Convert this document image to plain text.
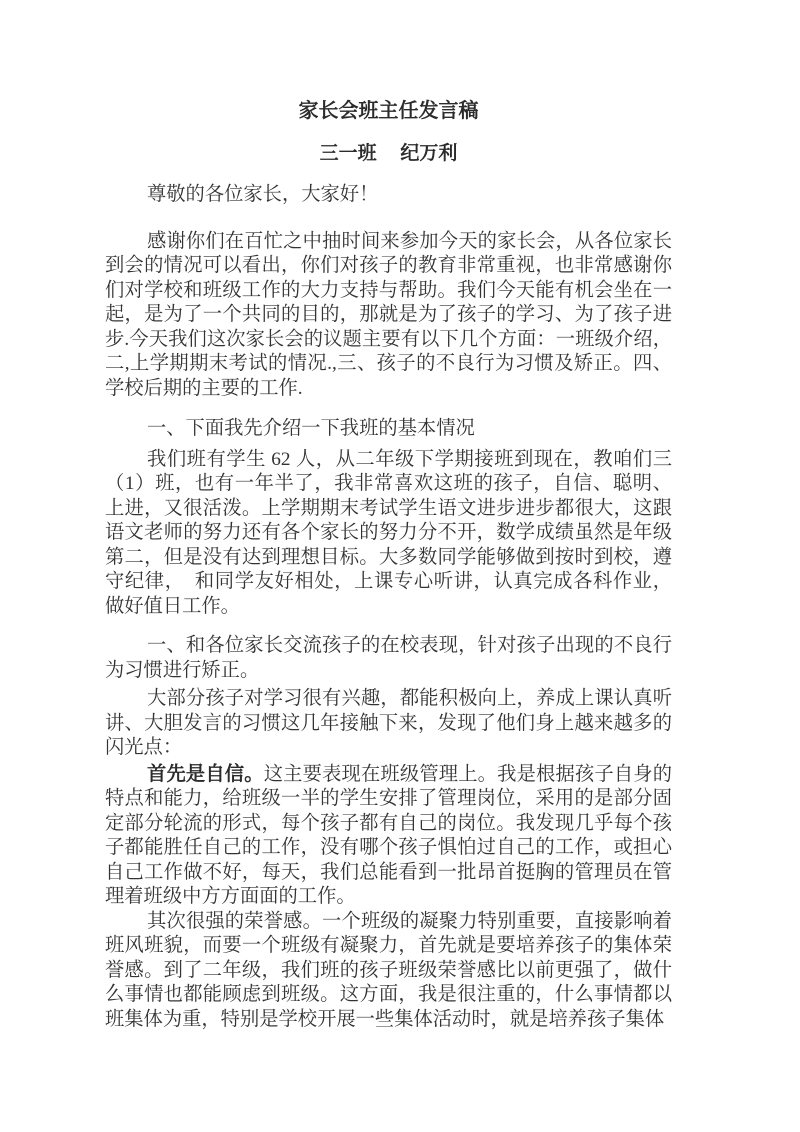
家长会班主任发言稿
三一班　 纪万利

尊敬的各位家长，大家好！

感谢你们在百忙之中抽时间来参加今天的家长会，从各位家长到会的情况可以看出，你们对孩子的教育非常重视，也非常感谢你们对学校和班级工作的大力支持与帮助。我们今天能有机会坐在一起，是为了一个共同的目的，那就是为了孩子的学习、为了孩子进步.今天我们这次家长会的议题主要有以下几个方面：一班级介绍，二,上学期期末考试的情况.,三、孩子的不良行为习惯及矫正。四、学校后期的主要的工作.

一、下面我先介绍一下我班的基本情况

我们班有学生 62 人，从二年级下学期接班到现在，教咱们三（1）班，也有一年半了，我非常喜欢这班的孩子，自信、聪明、上进，又很活泼。上学期期末考试学生语文进步进步都很大，这跟语文老师的努力还有各个家长的努力分不开，数学成绩虽然是年级第二，但是没有达到理想目标。大多数同学能够做到按时到校，遵守纪律，　和同学友好相处，上课专心听讲，认真完成各科作业，做好值日工作。

一、和各位家长交流孩子的在校表现，针对孩子出现的不良行为习惯进行矫正。

大部分孩子对学习很有兴趣，都能积极向上，养成上课认真听讲、大胆发言的习惯这几年接触下来，发现了他们身上越来越多的闪光点：

首先是自信。这主要表现在班级管理上。我是根据孩子自身的特点和能力，给班级一半的学生安排了管理岗位，采用的是部分固定部分轮流的形式，每个孩子都有自己的岗位。我发现几乎每个孩子都能胜任自己的工作，没有哪个孩子惧怕过自己的工作，或担心自己工作做不好，每天，我们总能看到一批昂首挺胸的管理员在管理着班级中方方面面的工作。

其次很强的荣誉感。一个班级的凝聚力特别重要，直接影响着班风班貌，而要一个班级有凝聚力，首先就是要培养孩子的集体荣誉感。到了二年级，我们班的孩子班级荣誉感比以前更强了，做什么事情也都能顾虑到班级。这方面，我是很注重的，什么事情都以班集体为重，特别是学校开展一些集体活动时，就是培养孩子集体
